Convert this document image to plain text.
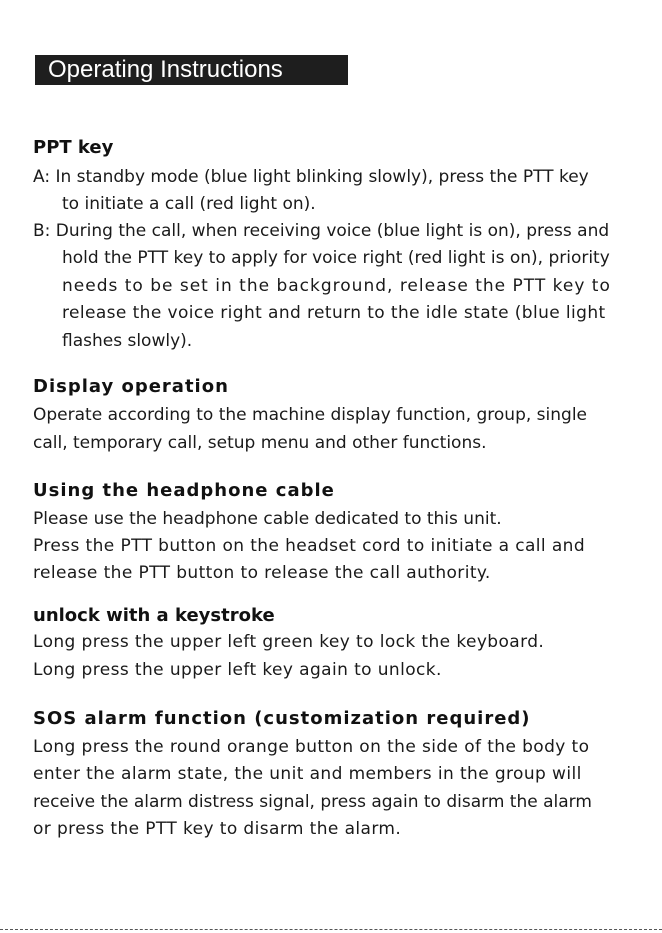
Operating Instructions
PPT key
A: In standby mode (blue light blinking slowly), press the PTT key
to initiate a call (red light on).
B: During the call, when receiving voice (blue light is on), press and
hold the PTT key to apply for voice right (red light is on), priority
needs to be set in the background, release the PTT key to
release the voice right and return to the idle state (blue light
flashes slowly).
Display operation
Operate according to the machine display function, group, single
call, temporary call, setup menu and other functions.
Using the headphone cable
Please use the headphone cable dedicated to this unit.
Press the PTT button on the headset cord to initiate a call and
release the PTT button to release the call authority.
unlock with a keystroke
Long press the upper left green key to lock the keyboard.
Long press the upper left key again to unlock.
SOS alarm function (customization required)
Long press the round orange button on the side of the body to
enter the alarm state, the unit and members in the group will
receive the alarm distress signal, press again to disarm the alarm
or press the PTT key to disarm the alarm.
